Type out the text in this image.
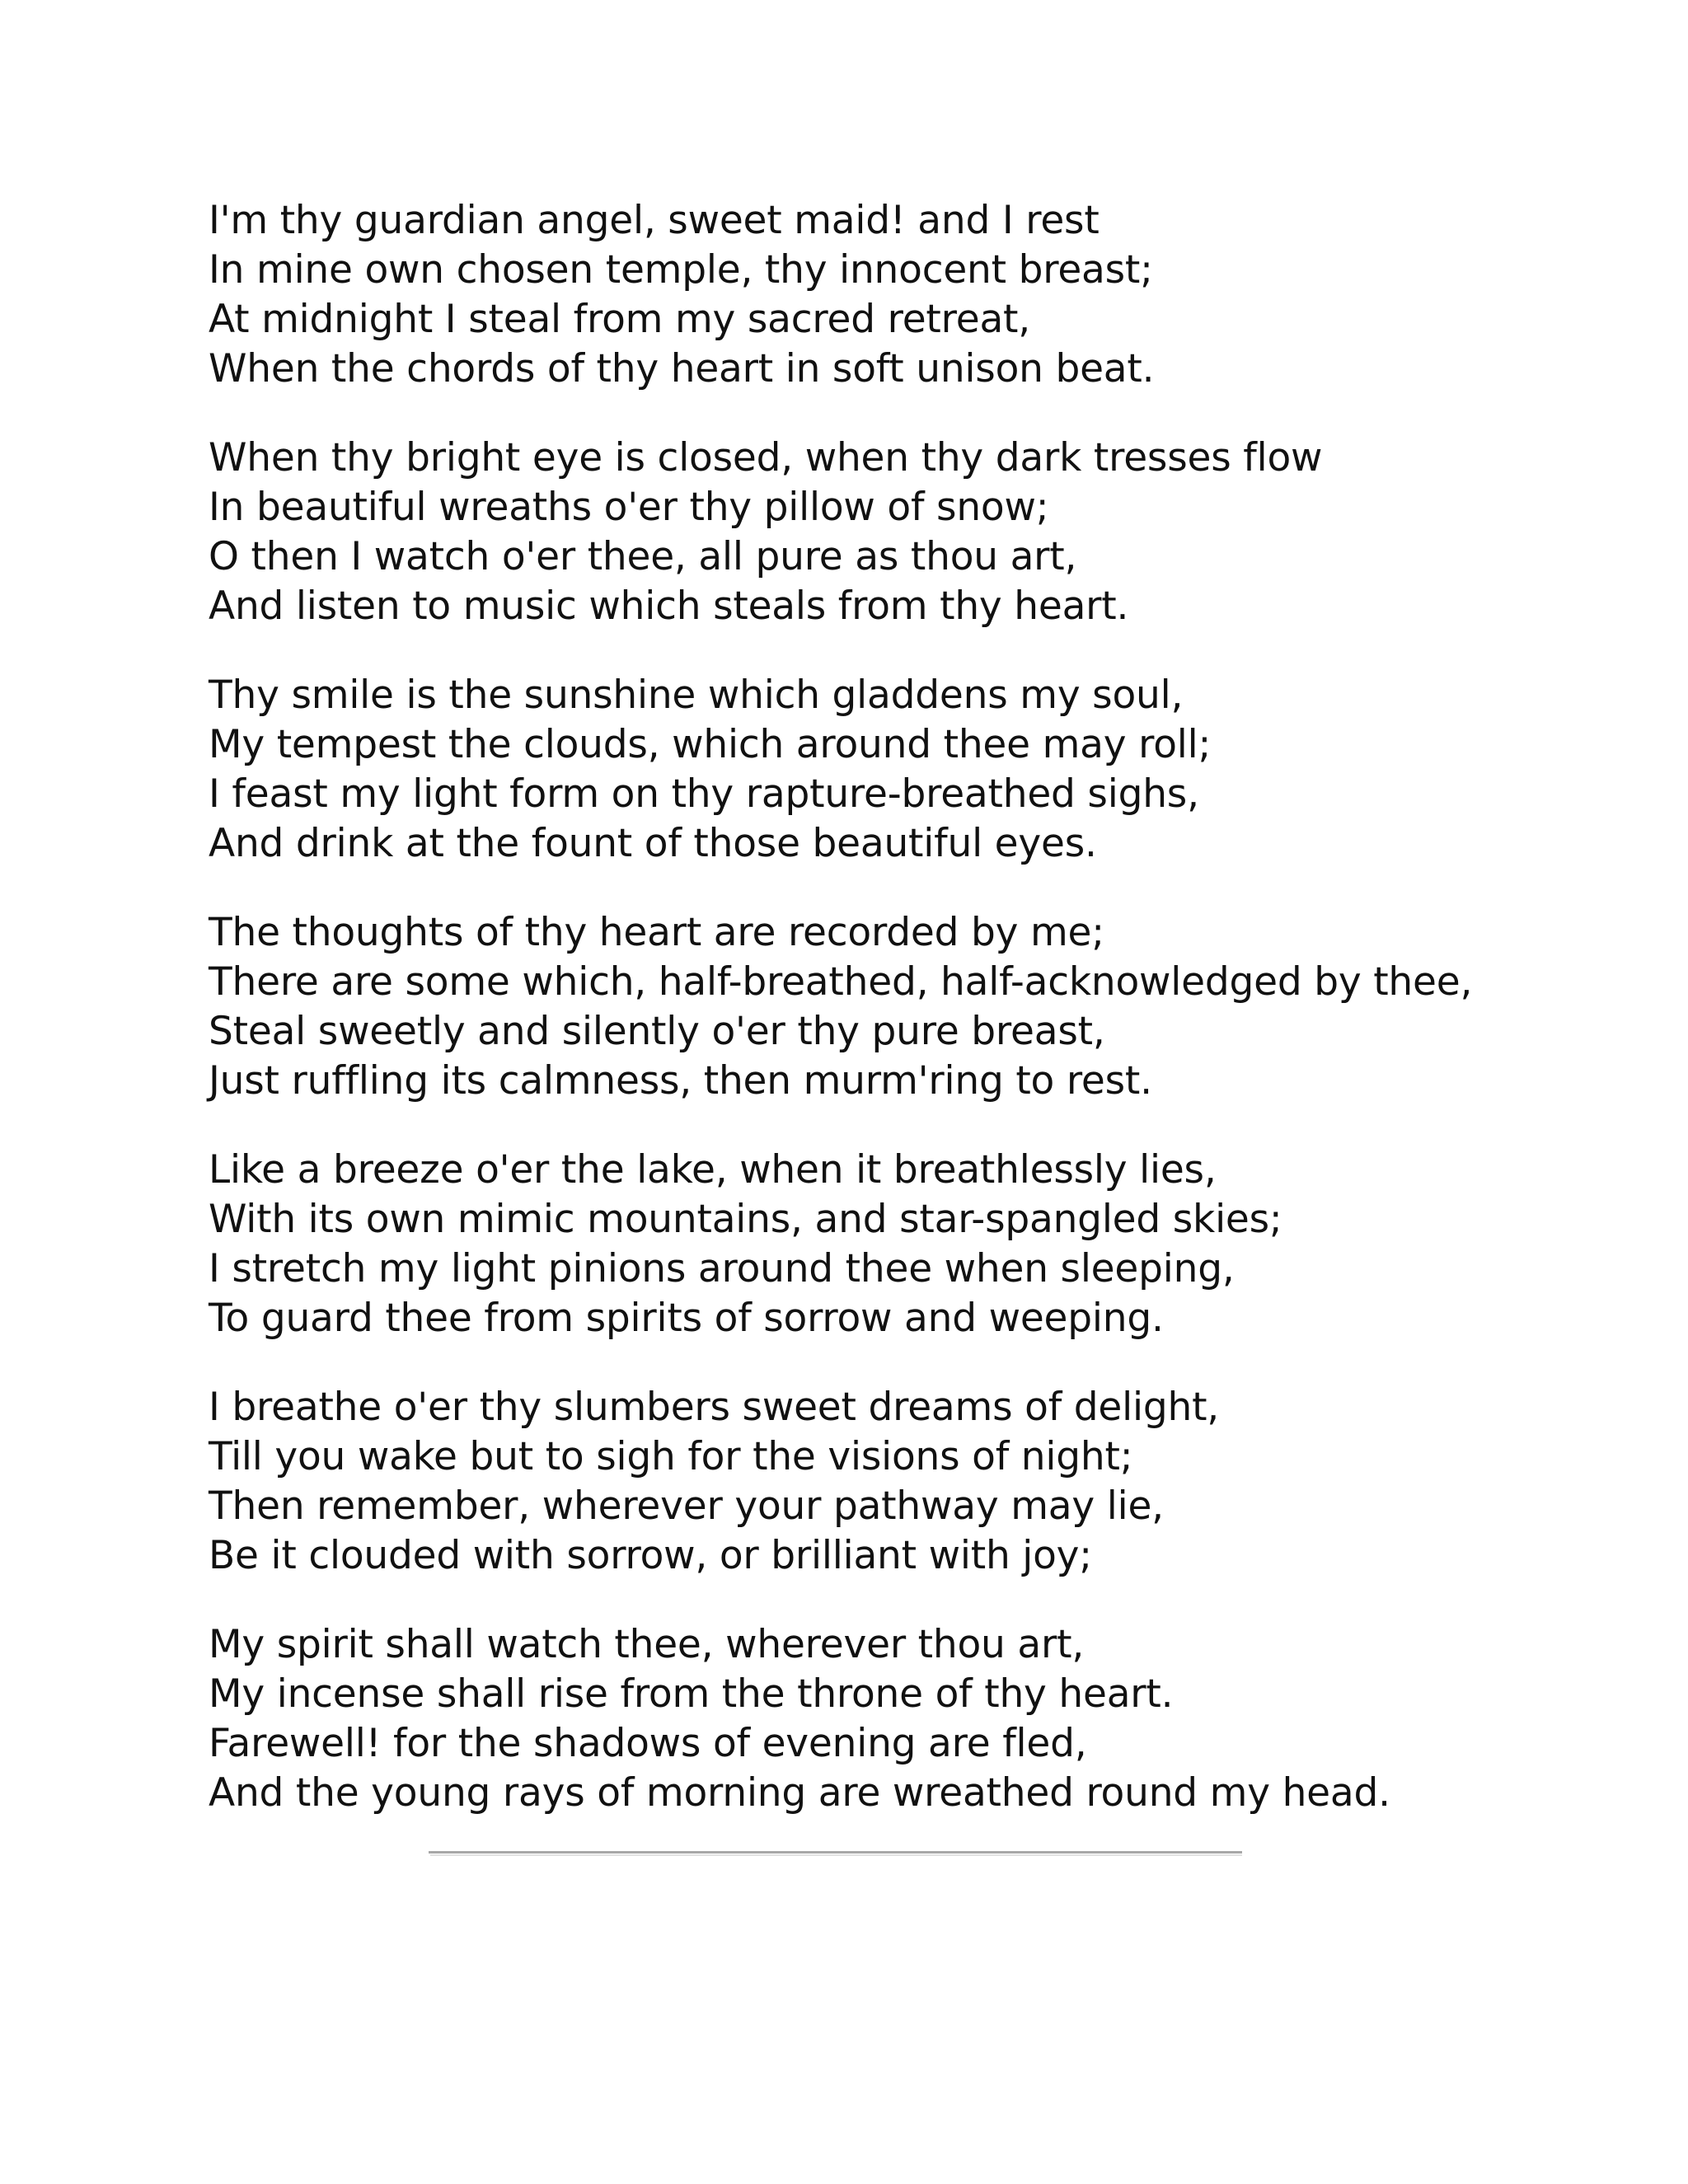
I'm thy guardian angel, sweet maid! and I rest
In mine own chosen temple, thy innocent breast;
At midnight I steal from my sacred retreat,
When the chords of thy heart in soft unison beat.
When thy bright eye is closed, when thy dark tresses flow
In beautiful wreaths o'er thy pillow of snow;
O then I watch o'er thee, all pure as thou art,
And listen to music which steals from thy heart.
Thy smile is the sunshine which gladdens my soul,
My tempest the clouds, which around thee may roll;
I feast my light form on thy rapture-breathed sighs,
And drink at the fount of those beautiful eyes.
The thoughts of thy heart are recorded by me;
There are some which, half-breathed, half-acknowledged by thee,
Steal sweetly and silently o'er thy pure breast,
Just ruffling its calmness, then murm'ring to rest.
Like a breeze o'er the lake, when it breathlessly lies,
With its own mimic mountains, and star-spangled skies;
I stretch my light pinions around thee when sleeping,
To guard thee from spirits of sorrow and weeping.
I breathe o'er thy slumbers sweet dreams of delight,
Till you wake but to sigh for the visions of night;
Then remember, wherever your pathway may lie,
Be it clouded with sorrow, or brilliant with joy;
My spirit shall watch thee, wherever thou art,
My incense shall rise from the throne of thy heart.
Farewell! for the shadows of evening are fled,
And the young rays of morning are wreathed round my head.
